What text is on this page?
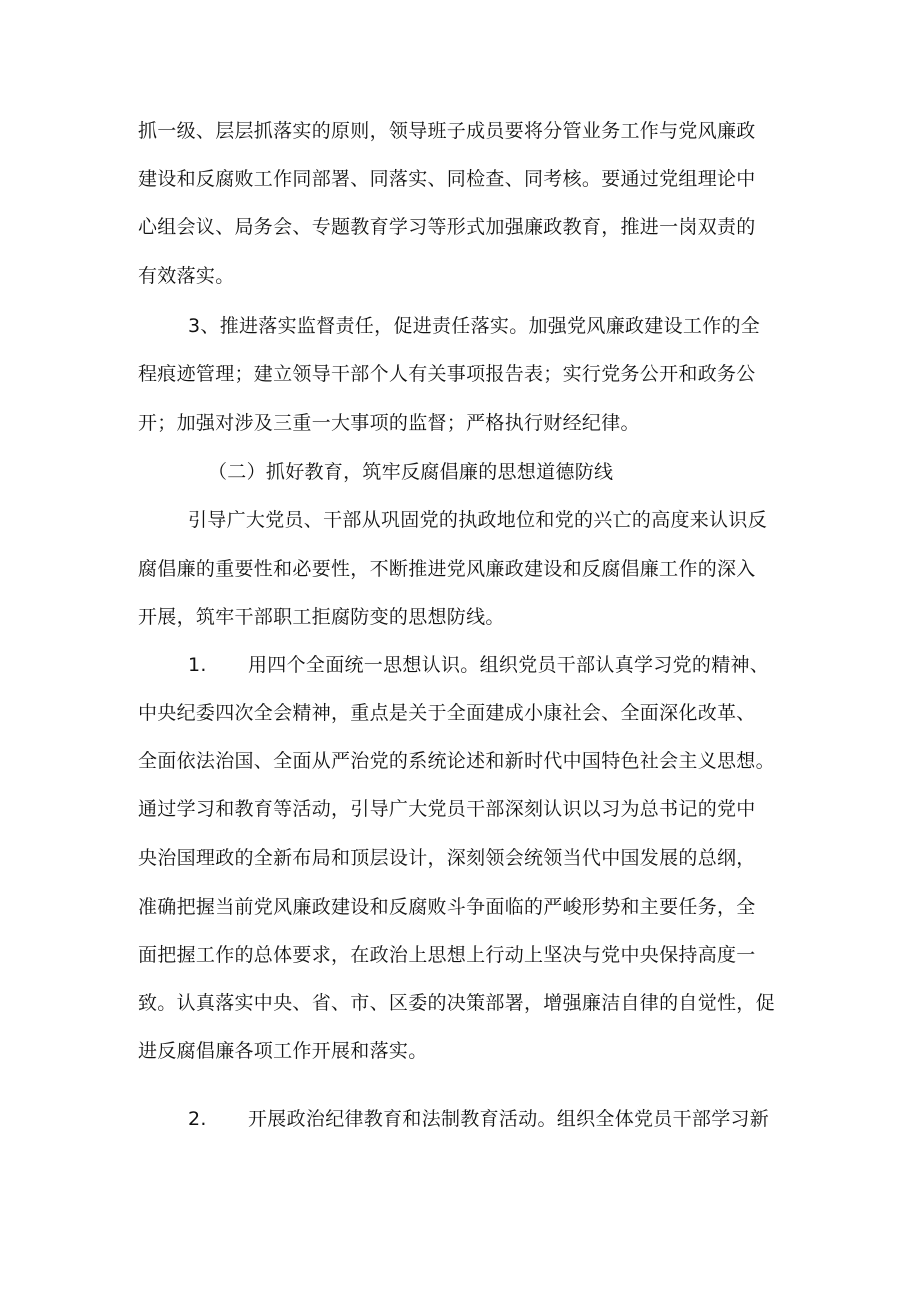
抓一级、层层抓落实的原则，领导班子成员要将分管业务工作与党风廉政
建设和反腐败工作同部署、同落实、同检查、同考核。要通过党组理论中
心组会议、局务会、专题教育学习等形式加强廉政教育，推进一岗双责的
有效落实。
3、推进落实监督责任，促进责任落实。加强党风廉政建设工作的全
程痕迹管理；建立领导干部个人有关事项报告表；实行党务公开和政务公
开；加强对涉及三重一大事项的监督；严格执行财经纪律。
（二）抓好教育，筑牢反腐倡廉的思想道德防线
引导广大党员、干部从巩固党的执政地位和党的兴亡的高度来认识反
腐倡廉的重要性和必要性，不断推进党风廉政建设和反腐倡廉工作的深入
开展，筑牢干部职工拒腐防变的思想防线。
1. 用四个全面统一思想认识。组织党员干部认真学习党的精神、
中央纪委四次全会精神，重点是关于全面建成小康社会、全面深化改革、
全面依法治国、全面从严治党的系统论述和新时代中国特色社会主义思想。
通过学习和教育等活动，引导广大党员干部深刻认识以习为总书记的党中
央治国理政的全新布局和顶层设计，深刻领会统领当代中国发展的总纲，
准确把握当前党风廉政建设和反腐败斗争面临的严峻形势和主要任务，全
面把握工作的总体要求，在政治上思想上行动上坚决与党中央保持高度一
致。认真落实中央、省、市、区委的决策部署，增强廉洁自律的自觉性，促
进反腐倡廉各项工作开展和落实。
2. 开展政治纪律教育和法制教育活动。组织全体党员干部学习新
